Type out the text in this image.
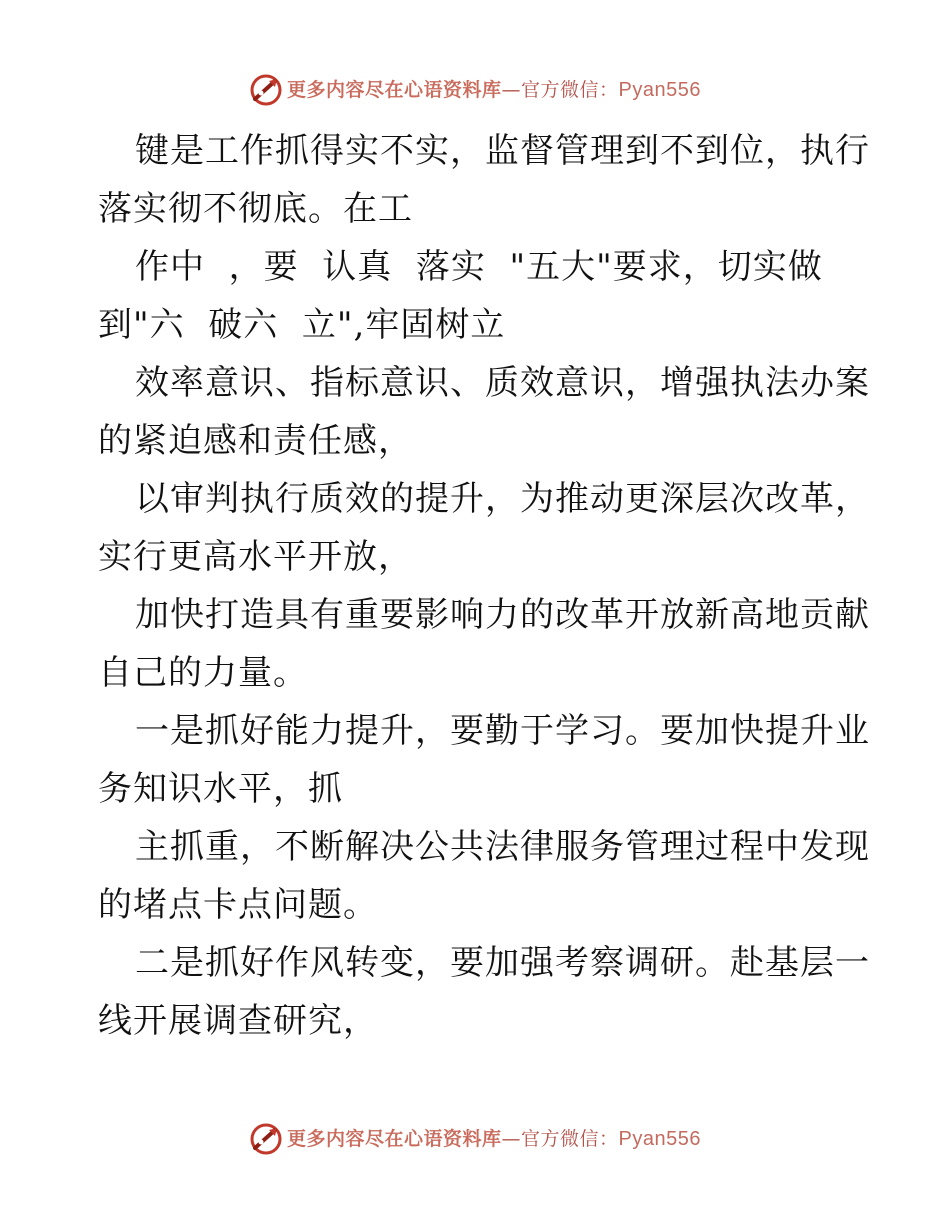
更多内容尽在心语资料库—官方微信：Pyan556
键是工作抓得实不实，监督管理到不到位，执行
落实彻不彻底。在工
作中  ，要  认真  落实  "五大"要求，切实做
到"六  破六  立",牢固树立
效率意识、指标意识、质效意识，增强执法办案
的紧迫感和责任感，
以审判执行质效的提升，为推动更深层次改革，
实行更高水平开放，
加快打造具有重要影响力的改革开放新高地贡献
自己的力量。
一是抓好能力提升，要勤于学习。要加快提升业
务知识水平，抓
主抓重，不断解决公共法律服务管理过程中发现
的堵点卡点问题。
二是抓好作风转变，要加强考察调研。赴基层一
线开展调查研究，
更多内容尽在心语资料库—官方微信：Pyan556
